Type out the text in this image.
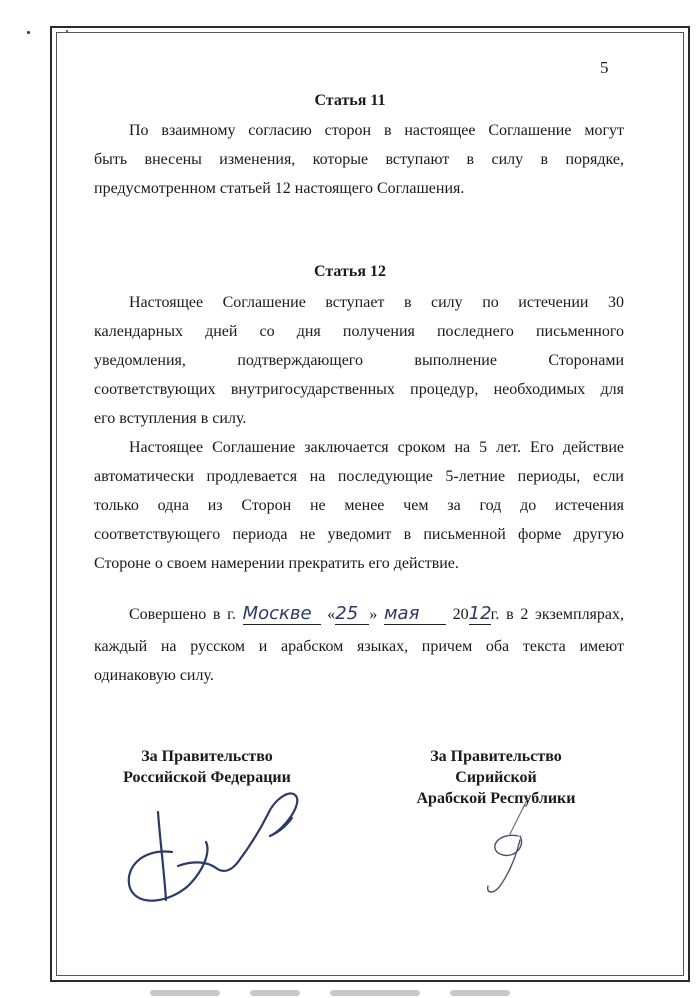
5
Статья 11
По взаимному согласию сторон в настоящее Соглашение могут
быть внесены изменения, которые вступают в силу в порядке,
предусмотренном статьей 12 настоящего Соглашения.
Статья 12
Настоящее Соглашение вступает в силу по истечении 30
календарных дней со дня получения последнего письменного
уведомления, подтверждающего выполнение Сторонами
соответствующих внутригосударственных процедур, необходимых для
его вступления в силу.
Настоящее Соглашение заключается сроком на 5 лет. Его действие
автоматически продлевается на последующие 5-летние периоды, если
только одна из Сторон не менее чем за год до истечения
соответствующего периода не уведомит в письменной форме другую
Стороне о своем намерении прекратить его действие.
Совершено в г. Москве «25 » мая 2012г. в 2 экземплярах,
каждый на русском и арабском языках, причем оба текста имеют
одинаковую силу.
За Правительство
Российской Федерации
За Правительство
Сирийской
Арабской Республики
